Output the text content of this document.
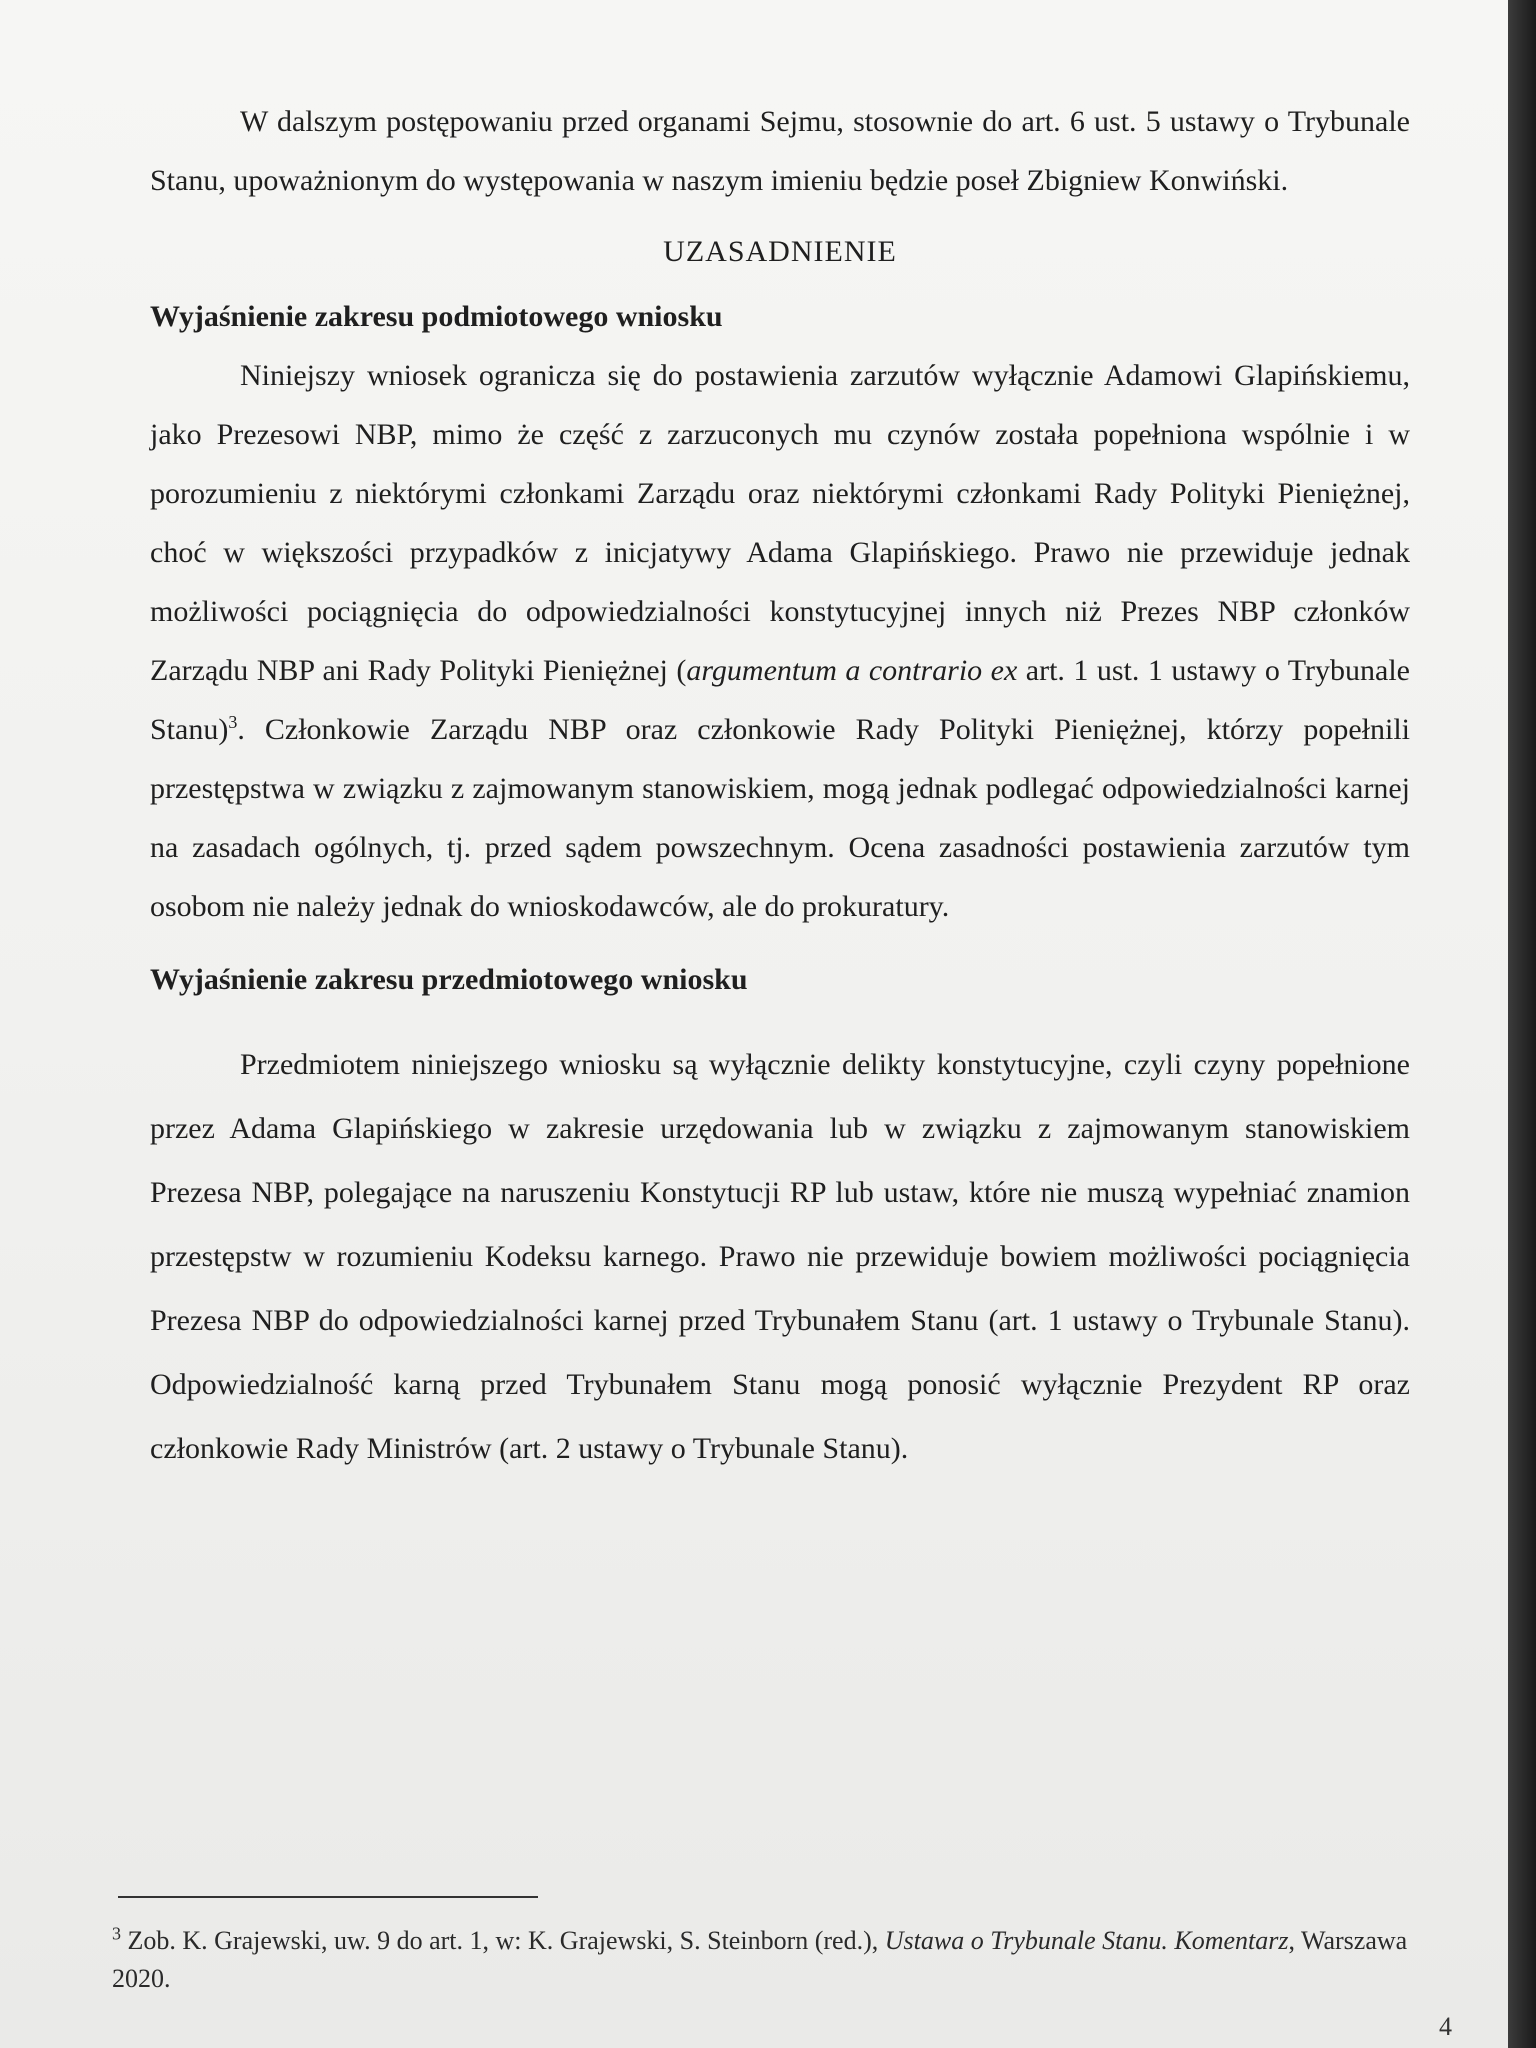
W dalszym postępowaniu przed organami Sejmu, stosownie do art. 6 ust. 5 ustawy o Trybunale Stanu, upoważnionym do występowania w naszym imieniu będzie poseł Zbigniew Konwiński.

UZASADNIENIE

Wyjaśnienie zakresu podmiotowego wniosku

Niniejszy wniosek ogranicza się do postawienia zarzutów wyłącznie Adamowi Glapińskiemu, jako Prezesowi NBP, mimo że część z zarzuconych mu czynów została popełniona wspólnie i w porozumieniu z niektórymi członkami Zarządu oraz niektórymi członkami Rady Polityki Pieniężnej, choć w większości przypadków z inicjatywy Adama Glapińskiego. Prawo nie przewiduje jednak możliwości pociągnięcia do odpowiedzialności konstytucyjnej innych niż Prezes NBP członków Zarządu NBP ani Rady Polityki Pieniężnej (argumentum a contrario ex art. 1 ust. 1 ustawy o Trybunale Stanu)$^3$. Członkowie Zarządu NBP oraz członkowie Rady Polityki Pieniężnej, którzy popełnili przestępstwa w związku z zajmowanym stanowiskiem, mogą jednak podlegać odpowiedzialności karnej na zasadach ogólnych, tj. przed sądem powszechnym. Ocena zasadności postawienia zarzutów tym osobom nie należy jednak do wnioskodawców, ale do prokuratury.

Wyjaśnienie zakresu przedmiotowego wniosku

Przedmiotem niniejszego wniosku są wyłącznie delikty konstytucyjne, czyli czyny popełnione przez Adama Glapińskiego w zakresie urzędowania lub w związku z zajmowanym stanowiskiem Prezesa NBP, polegające na naruszeniu Konstytucji RP lub ustaw, które nie muszą wypełniać znamion przestępstw w rozumieniu Kodeksu karnego. Prawo nie przewiduje bowiem możliwości pociągnięcia Prezesa NBP do odpowiedzialności karnej przed Trybunałem Stanu (art. 1 ustawy o Trybunale Stanu). Odpowiedzialność karną przed Trybunałem Stanu mogą ponosić wyłącznie Prezydent RP oraz członkowie Rady Ministrów (art. 2 ustawy o Trybunale Stanu).

$^3$ Zob. K. Grajewski, uw. 9 do art. 1, w: K. Grajewski, S. Steinborn (red.), Ustawa o Trybunale Stanu. Komentarz, Warszawa 2020.
4
